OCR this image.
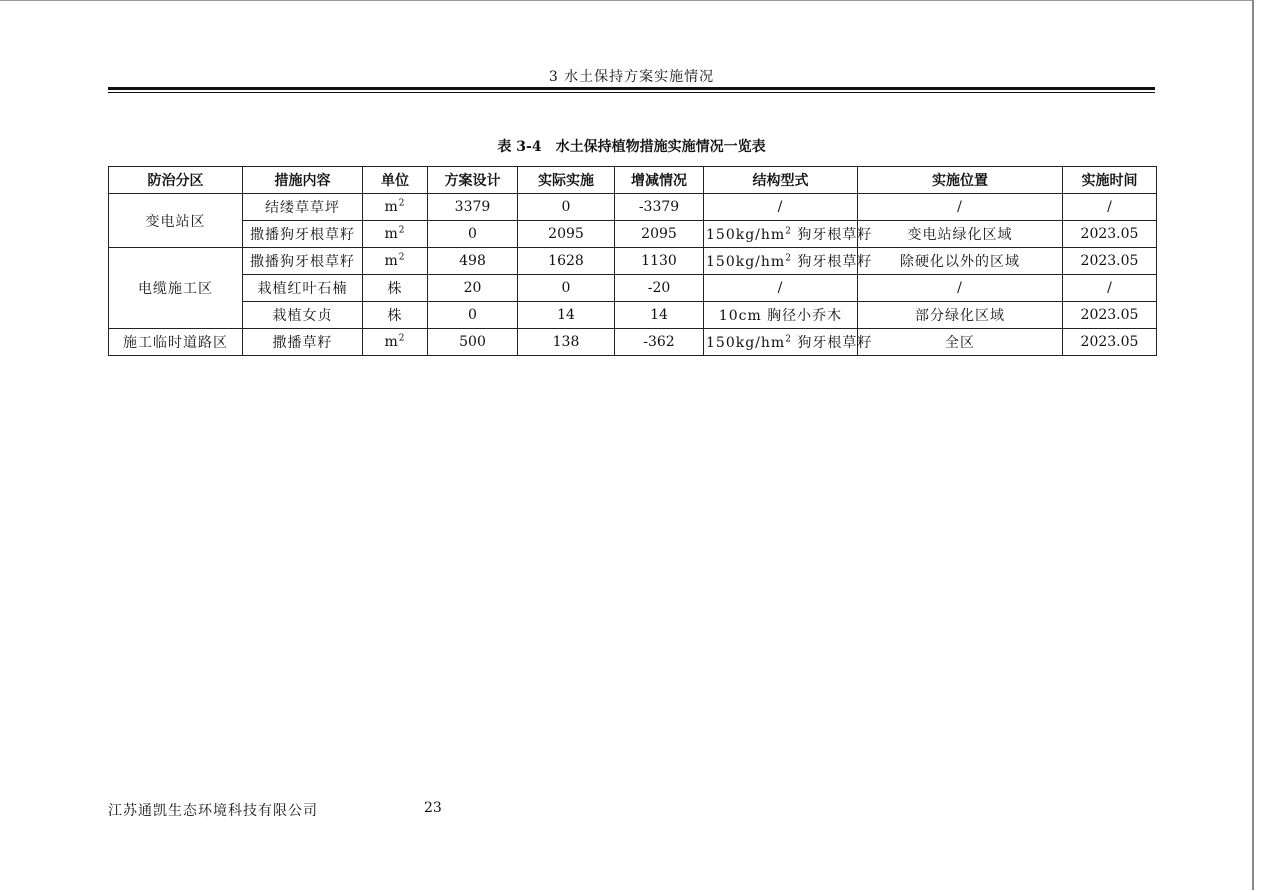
3 水土保持方案实施情况
表 3-4　水土保持植物措施实施情况一览表
防治分区	措施内容	单位	方案设计	实际实施	增减情况	结构型式	实施位置	实施时间
变电站区	结缕草草坪	$m^2$	3379	0	-3379	/	/	/
	撒播狗牙根草籽	$m^2$	0	2095	2095	$150kg/hm^2$ 狗牙根草籽	变电站绿化区域	2023.05
电缆施工区	撒播狗牙根草籽	$m^2$	498	1628	1130	$150kg/hm^2$ 狗牙根草籽	除硬化以外的区域	2023.05
	栽植红叶石楠	株	20	0	-20	/	/	/
	栽植女贞	株	0	14	14	10cm 胸径小乔木	部分绿化区域	2023.05
施工临时道路区	撒播草籽	$m^2$	500	138	-362	$150kg/hm^2$ 狗牙根草籽	全区	2023.05
江苏通凯生态环境科技有限公司	23
